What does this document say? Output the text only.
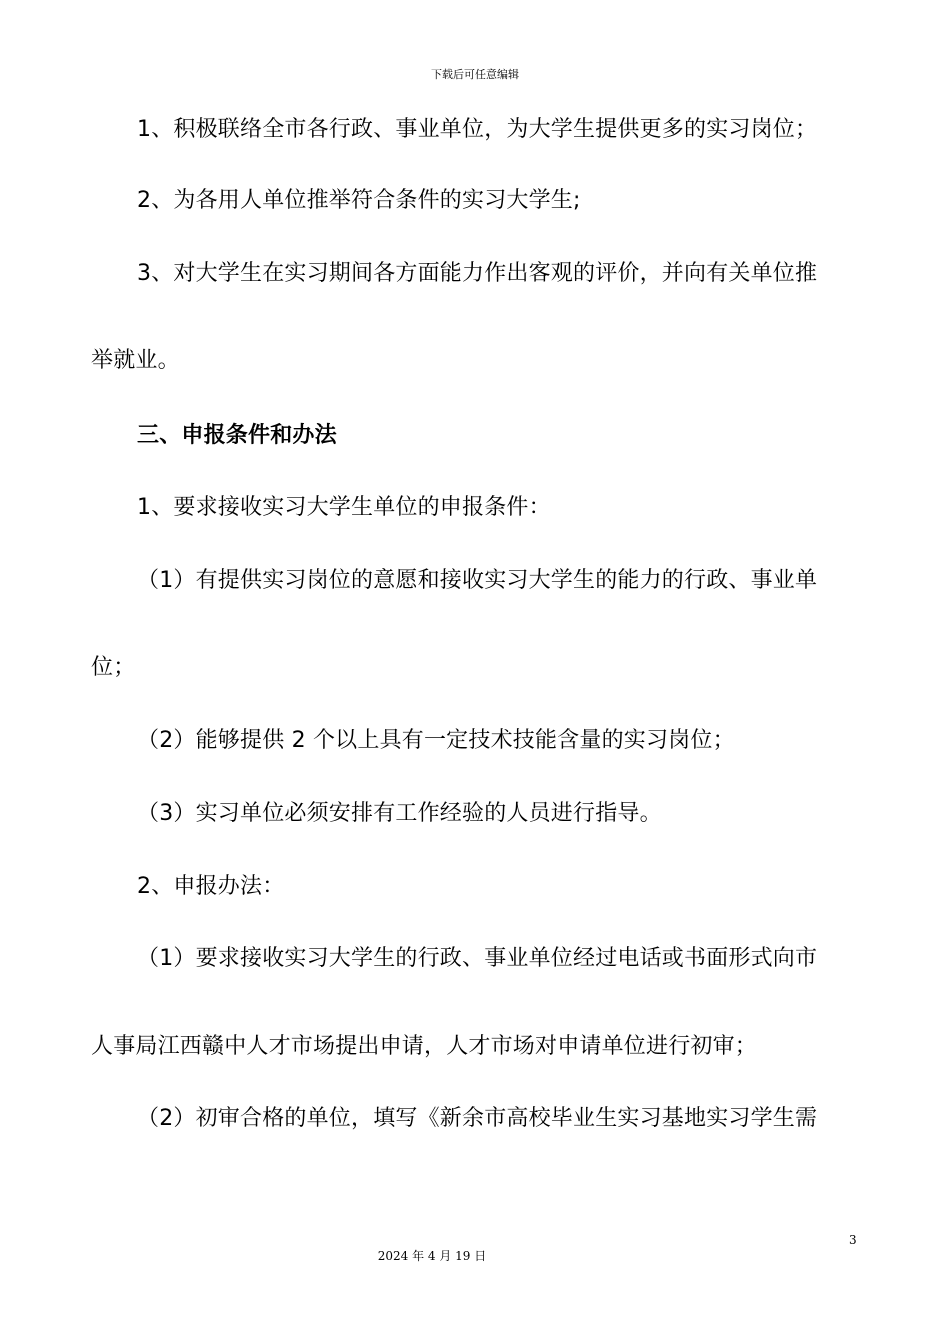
下载后可任意编辑
1、积极联络全市各行政、事业单位，为大学生提供更多的实习岗位；
2、为各用人单位推举符合条件的实习大学生;
3、对大学生在实习期间各方面能力作出客观的评价，并向有关单位推
举就业。
三、申报条件和办法
1、要求接收实习大学生单位的申报条件：
（1）有提供实习岗位的意愿和接收实习大学生的能力的行政、事业单
位；
（2）能够提供 2 个以上具有一定技术技能含量的实习岗位；
（3）实习单位必须安排有工作经验的人员进行指导。
2、申报办法：
（1）要求接收实习大学生的行政、事业单位经过电话或书面形式向市
人事局江西赣中人才市场提出申请，人才市场对申请单位进行初审；
（2）初审合格的单位，填写《新余市高校毕业生实习基地实习学生需
3
2024 年 4 月 19 日
